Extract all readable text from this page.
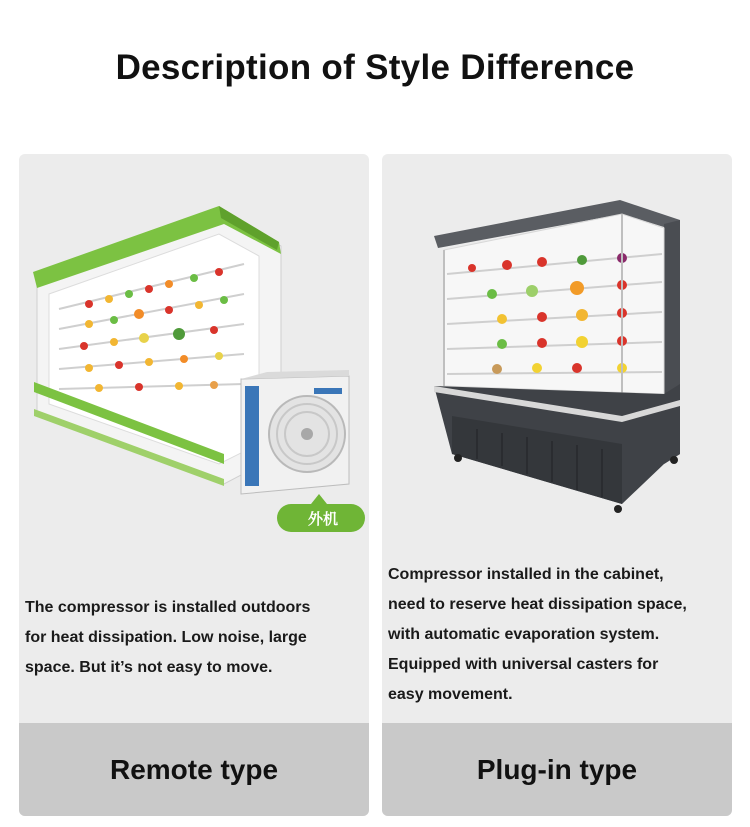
Description of Style Difference
外机
The compressor is installed outdoors
for heat dissipation. Low noise, large
space. But it’s not easy to move.
Remote type
Compressor installed in the cabinet,
need to reserve heat dissipation space,
with automatic evaporation system.
Equipped with universal casters for
easy movement.
Plug-in type
